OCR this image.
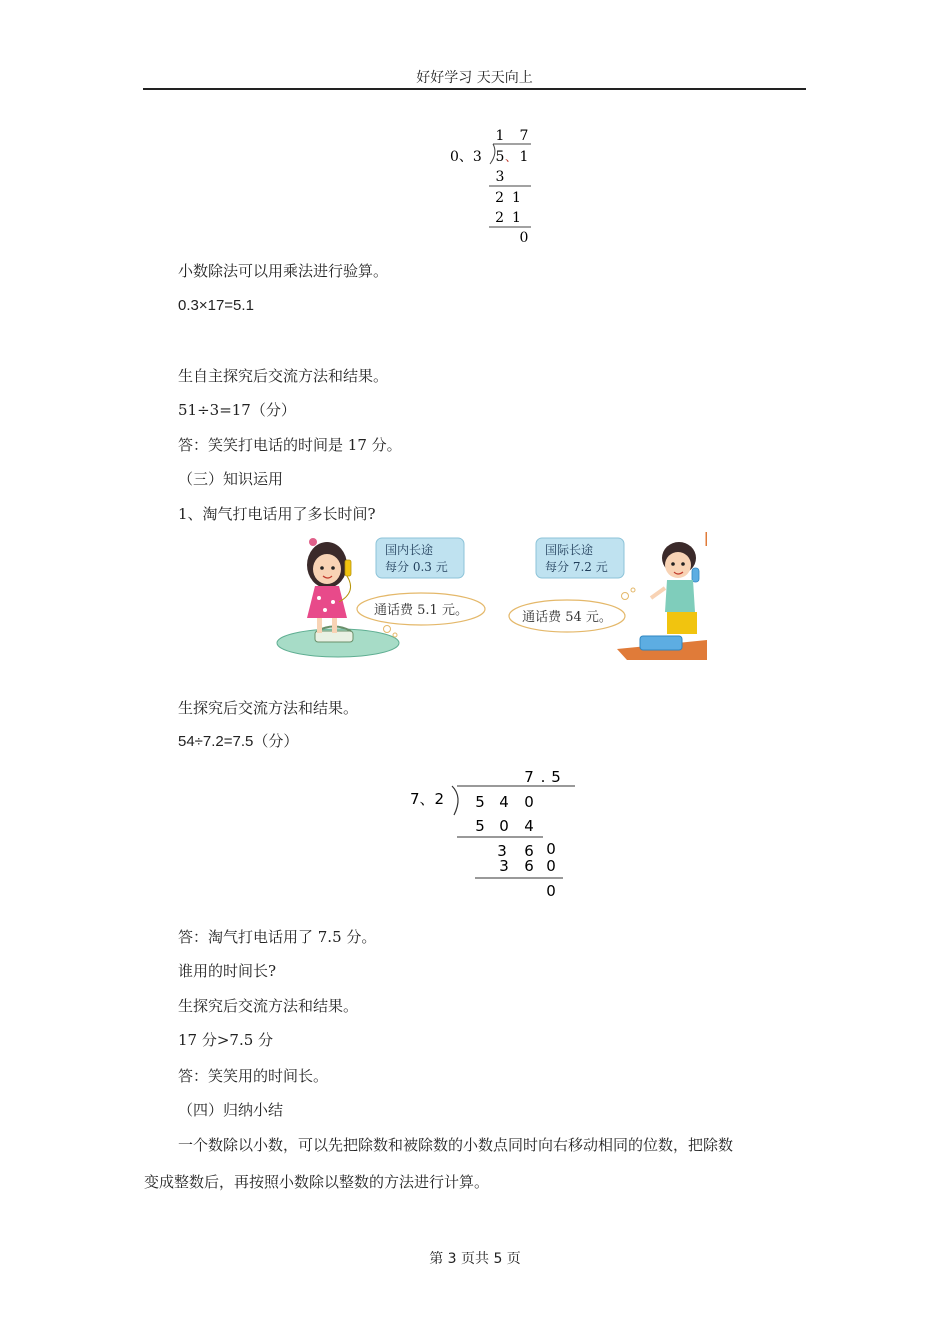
好好学习 天天向上
1 7
0、3 5 、 1
3
21
21
0
小数除法可以用乘法进行验算。
0.3×17=5.1
生自主探究后交流方法和结果。
51÷3=17（分）
答：笑笑打电话的时间是 17 分。
（三）知识运用
1、淘气打电话用了多长时间?
国内长途
每分 0.3 元
通话费 5.1 元。
国际长途
每分 7.2 元
通话费 54 元。
生探究后交流方法和结果。
54÷7.2=7.5（分）
7 . 5
7、2 5 4 0
5 0 4
3 6 0
3 6 0
0
答：淘气打电话用了 7.5 分。
谁用的时间长?
生探究后交流方法和结果。
17 分>7.5 分
答：笑笑用的时间长。
（四）归纳小结
一个数除以小数，可以先把除数和被除数的小数点同时向右移动相同的位数，把除数
变成整数后，再按照小数除以整数的方法进行计算。
第 3 页共 5 页
